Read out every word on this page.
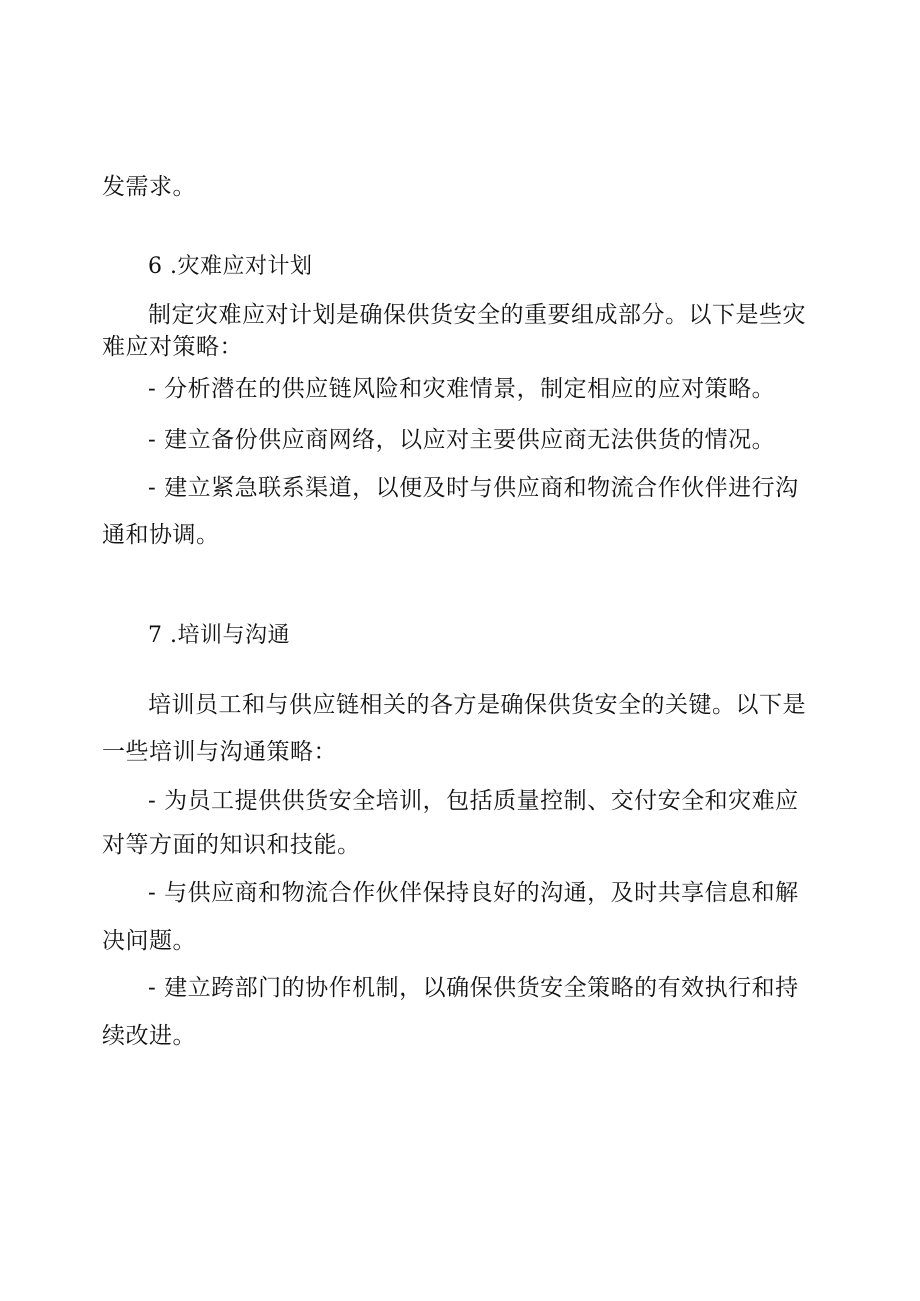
发需求。
6 .灾难应对计划
制定灾难应对计划是确保供货安全的重要组成部分。以下是些灾
难应对策略：
- 分析潜在的供应链风险和灾难情景，制定相应的应对策略。
- 建立备份供应商网络，以应对主要供应商无法供货的情况。
- 建立紧急联系渠道，以便及时与供应商和物流合作伙伴进行沟
通和协调。
7 .培训与沟通
培训员工和与供应链相关的各方是确保供货安全的关键。以下是
一些培训与沟通策略：
- 为员工提供供货安全培训，包括质量控制、交付安全和灾难应
对等方面的知识和技能。
- 与供应商和物流合作伙伴保持良好的沟通，及时共享信息和解
决问题。
- 建立跨部门的协作机制，以确保供货安全策略的有效执行和持
续改进。
